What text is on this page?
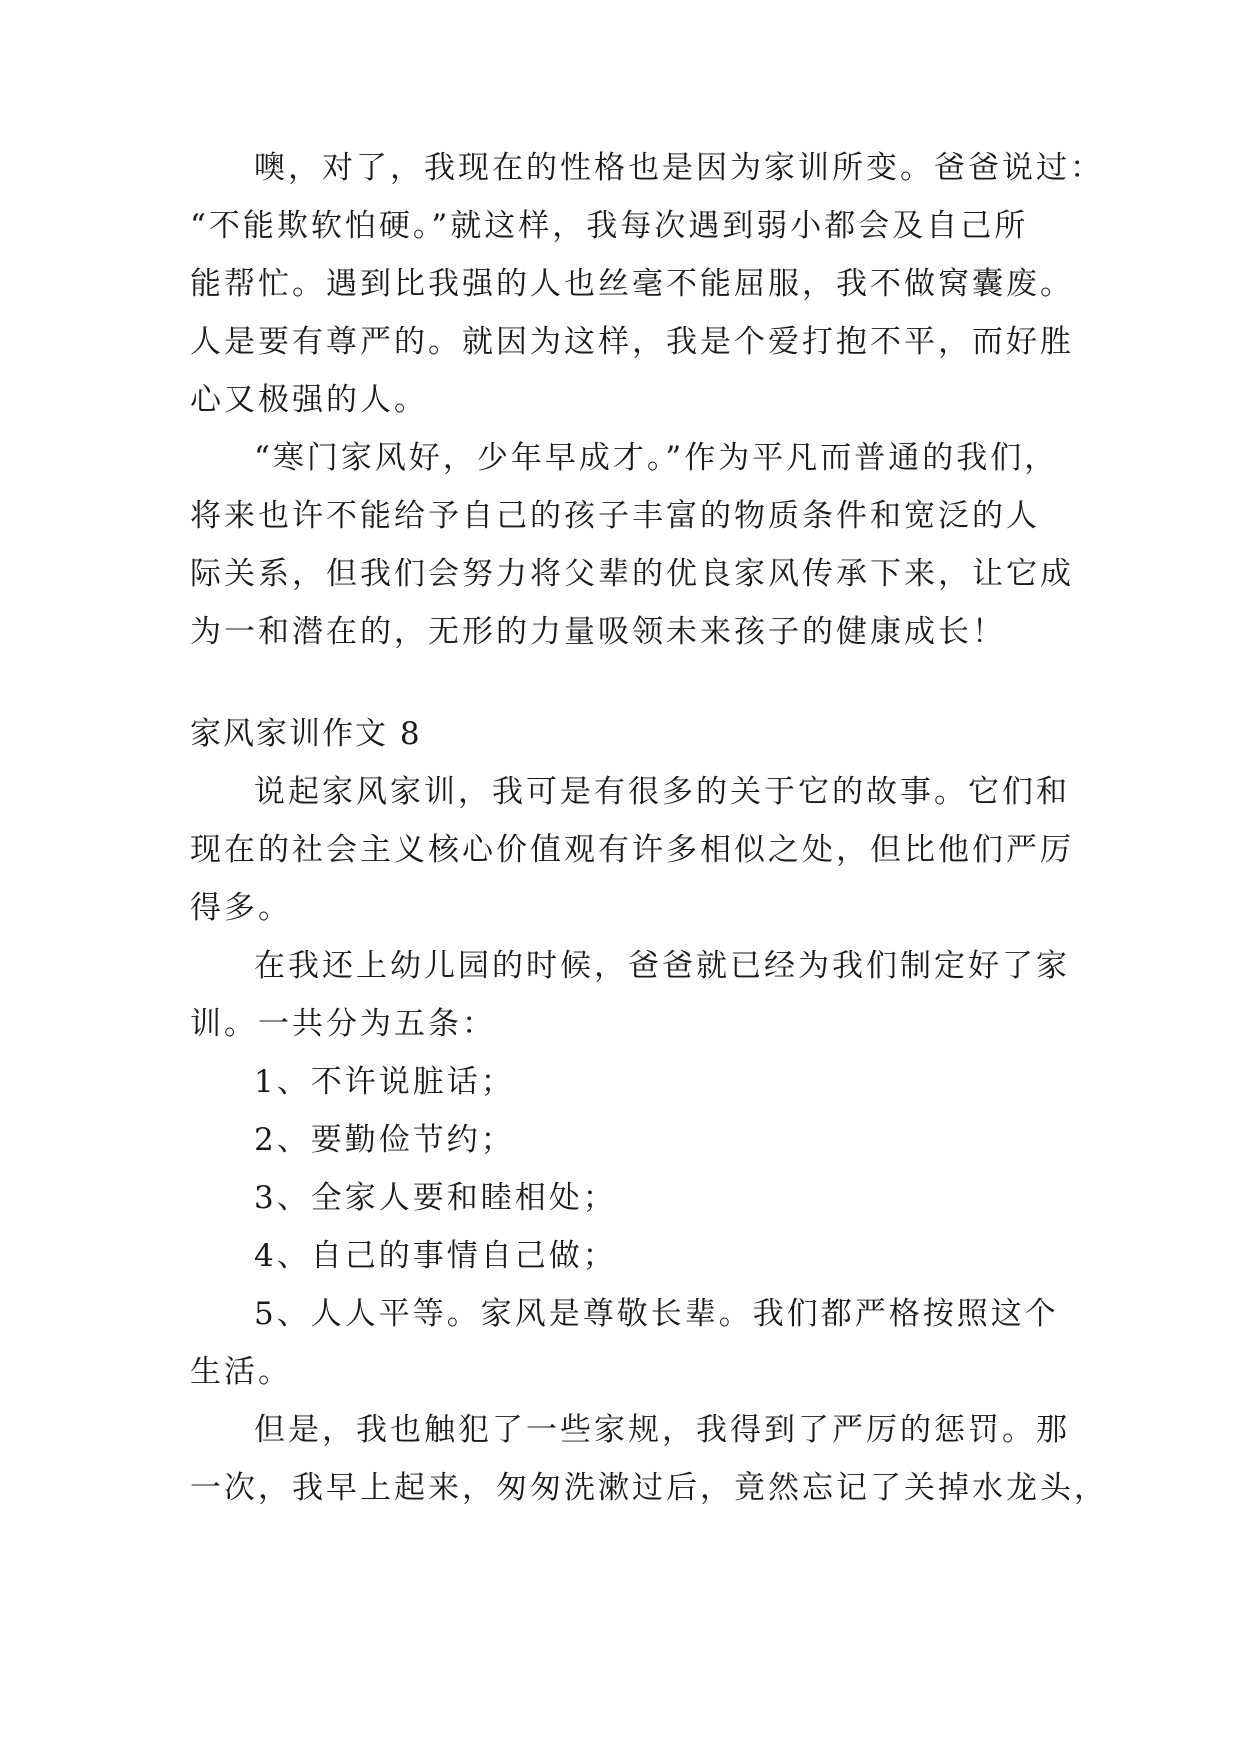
噢，对了，我现在的性格也是因为家训所变。爸爸说过：
“不能欺软怕硬。”就这样，我每次遇到弱小都会及自己所
能帮忙。遇到比我强的人也丝毫不能屈服，我不做窝囊废。
人是要有尊严的。就因为这样，我是个爱打抱不平，而好胜
心又极强的人。
“寒门家风好，少年早成才。”作为平凡而普通的我们，
将来也许不能给予自己的孩子丰富的物质条件和宽泛的人
际关系，但我们会努力将父辈的优良家风传承下来，让它成
为一和潜在的，无形的力量吸领未来孩子的健康成长！
家风家训作文 8
说起家风家训，我可是有很多的关于它的故事。它们和
现在的社会主义核心价值观有许多相似之处，但比他们严厉
得多。
在我还上幼儿园的时候，爸爸就已经为我们制定好了家
训。一共分为五条：
1、不许说脏话；
2、要勤俭节约；
3、全家人要和睦相处；
4、自己的事情自己做；
5、人人平等。家风是尊敬长辈。我们都严格按照这个
生活。
但是，我也触犯了一些家规，我得到了严厉的惩罚。那
一次，我早上起来，匆匆洗漱过后，竟然忘记了关掉水龙头，
